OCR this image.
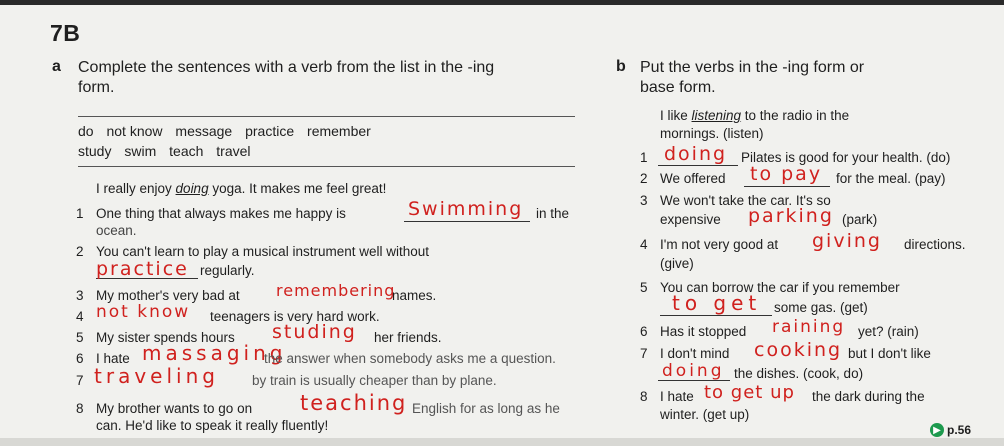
7B
a Complete the sentences with a verb from the list in the -ing
form.
do not know message practice remember
study swim teach travel
I really enjoy doing yoga. It makes me feel great!
1 One thing that always makes me happy is	Swimming in the
ocean.
2 You can't learn to play a musical instrument well without
practice regularly.
3 My mother's very bad at remembering
names.
4 not know teenagers is very hard work.
5 My sister spends hours studing her friends.
6 I hate massaging
the answer when somebody asks me a question.
7 traveling by train is usually cheaper than by plane.
8 My brother wants to go on teaching English for as long as he
can. He'd like to speak it really fluently!
b Put the verbs in the -ing form or
base form.
I like listening to the radio in the
mornings. (listen)
1 doing Pilates is good for your health. (do)
2 We offered to pay for the meal. (pay)
3 We won't take the car. It's so
expensive parking (park)
4 I'm not very good at giving directions.
(give)
5 You can borrow the car if you remember
to get some gas. (get)
6 Has it stopped raining yet? (rain)
7 I don't mind cooking but I don't like
doing the dishes. (cook, do)
8 I hate to get up the dark during the
winter. (get up)
▶ p.56
